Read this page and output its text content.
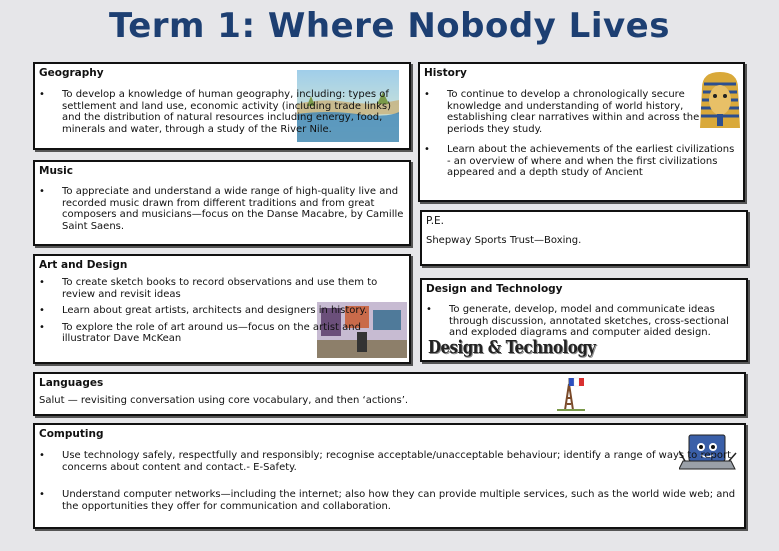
Term 1: Where Nobody Lives
Geography
• To develop a knowledge of human geography, including: types of settlement and land use, economic activity (including trade links) and the distribution of natural resources including energy, food, minerals and water, through a study of the River Nile.
History
• To continue to develop a chronologically secure knowledge and understanding of world history, establishing clear narratives within and across the periods they study.
• Learn about the achievements of the earliest civilizations - an overview of where and when the first civilizations appeared and a depth study of Ancient
Music
• To appreciate and understand a wide range of high-quality live and recorded music drawn from different traditions and from great composers and musicians—focus on the Danse Macabre, by Camille Saint Saens.	P.E.

Shepway Sports Trust—Boxing.

Art and Design
• To create sketch books to record observations and use them to review and revisit ideas
• Learn about great artists, architects and designers in history.
• To explore the role of art around us—focus on the artist and illustrator Dave McKean
Design and Technology
• To generate, develop, model and communicate ideas through discussion, annotated sketches, cross-sectional and exploded diagrams and computer aided design.
Design & Technology
Languages

Salut — revisiting conversation using core vocabulary, and then ‘actions’.

Computing
• Use technology safely, respectfully and responsibly; recognise acceptable/unacceptable behaviour; identify a range of ways to report concerns about content and contact.- E-Safety.
• Understand computer networks—including the internet; also how they can provide multiple services, such as the world wide web; and the opportunities they offer for communication and collaboration.
